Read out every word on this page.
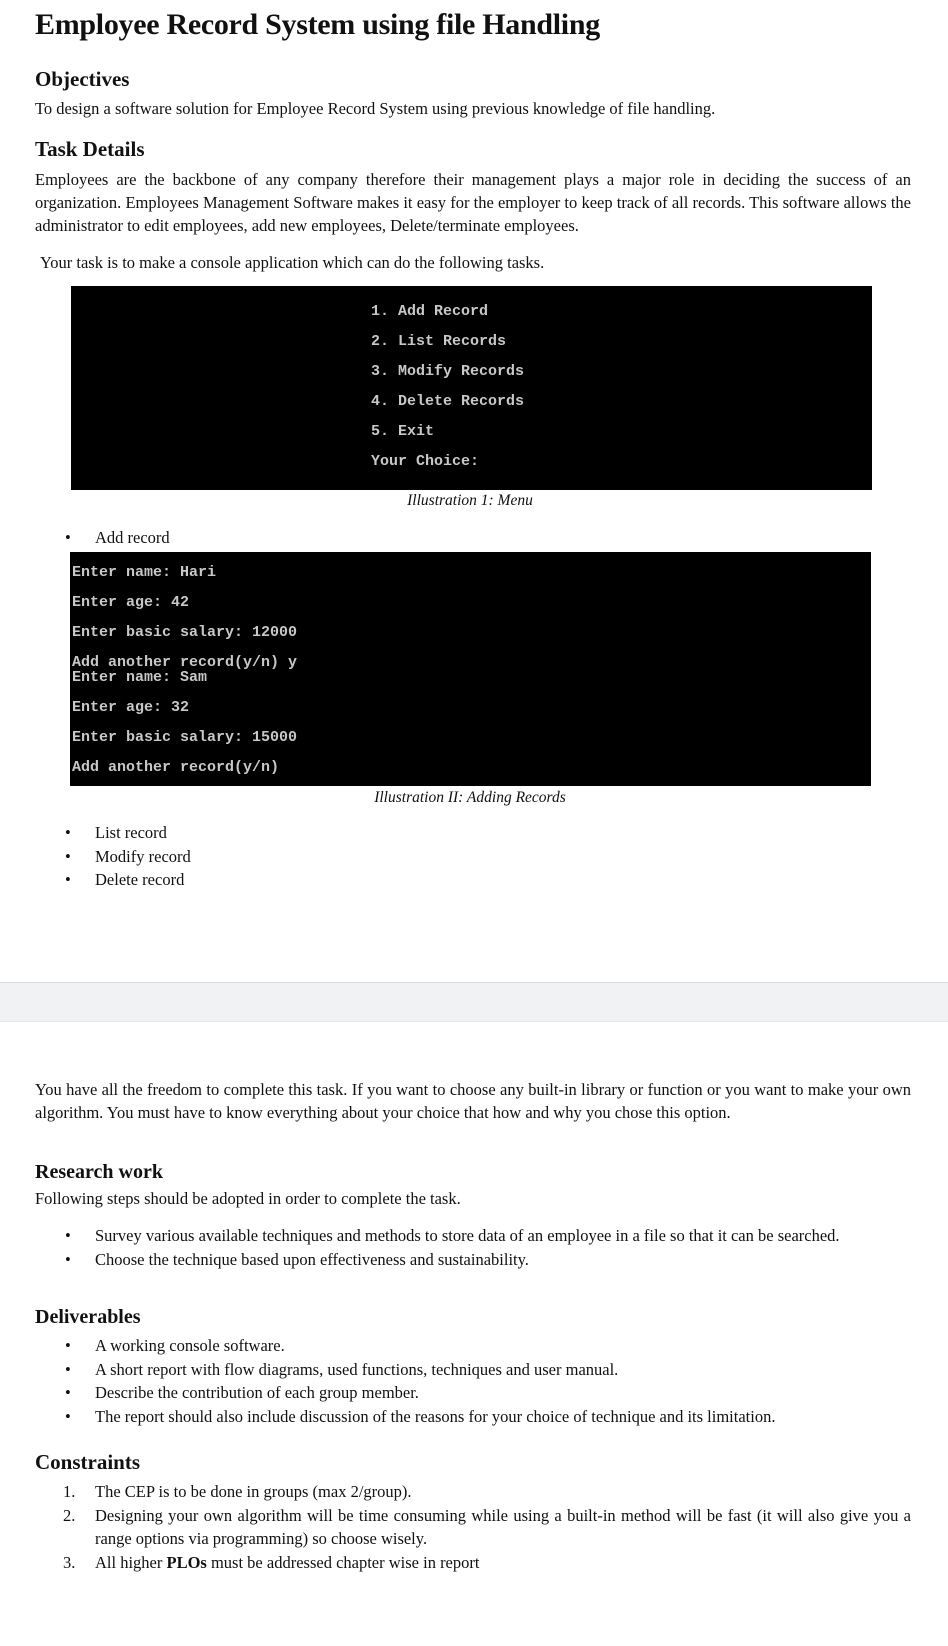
Employee Record System using file Handling
Objectives

To design a software solution for Employee Record System using previous knowledge of file handling.

Task Details

Employees are the backbone of any company therefore their management plays a major role in deciding the success of an organization. Employees Management Software makes it easy for the employer to keep track of all records. This software allows the administrator to edit employees, add new employees, Delete/terminate employees.

Your task is to make a console application which can do the following tasks.

1. Add Record
2. List Records
3. Modify Records
4. Delete Records
5. Exit
Your Choice:
Illustration 1: Menu
• Add record
Enter name: Hari
Enter age: 42
Enter basic salary: 12000
Add another record(y/n) y
Enter name: Sam
Enter age: 32
Enter basic salary: 15000
Add another record(y/n)
Illustration II: Adding Records
• List record
• Modify record
• Delete record

You have all the freedom to complete this task. If you want to choose any built-in library or function or you want to make your own algorithm. You must have to know everything about your choice that how and why you chose this option.

Research work

Following steps should be adopted in order to complete the task.

• Survey various available techniques and methods to store data of an employee in a file so that it can be searched.
• Choose the technique based upon effectiveness and sustainability.
Deliverables
• A working console software.
• A short report with flow diagrams, used functions, techniques and user manual.
• Describe the contribution of each group member.
• The report should also include discussion of the reasons for your choice of technique and its limitation.
Constraints
1. The CEP is to be done in groups (max 2/group).
2. Designing your own algorithm will be time consuming while using a built-in method will be fast (it will also give you a range options via programming) so choose wisely.
3. All higher PLOs must be addressed chapter wise in report
